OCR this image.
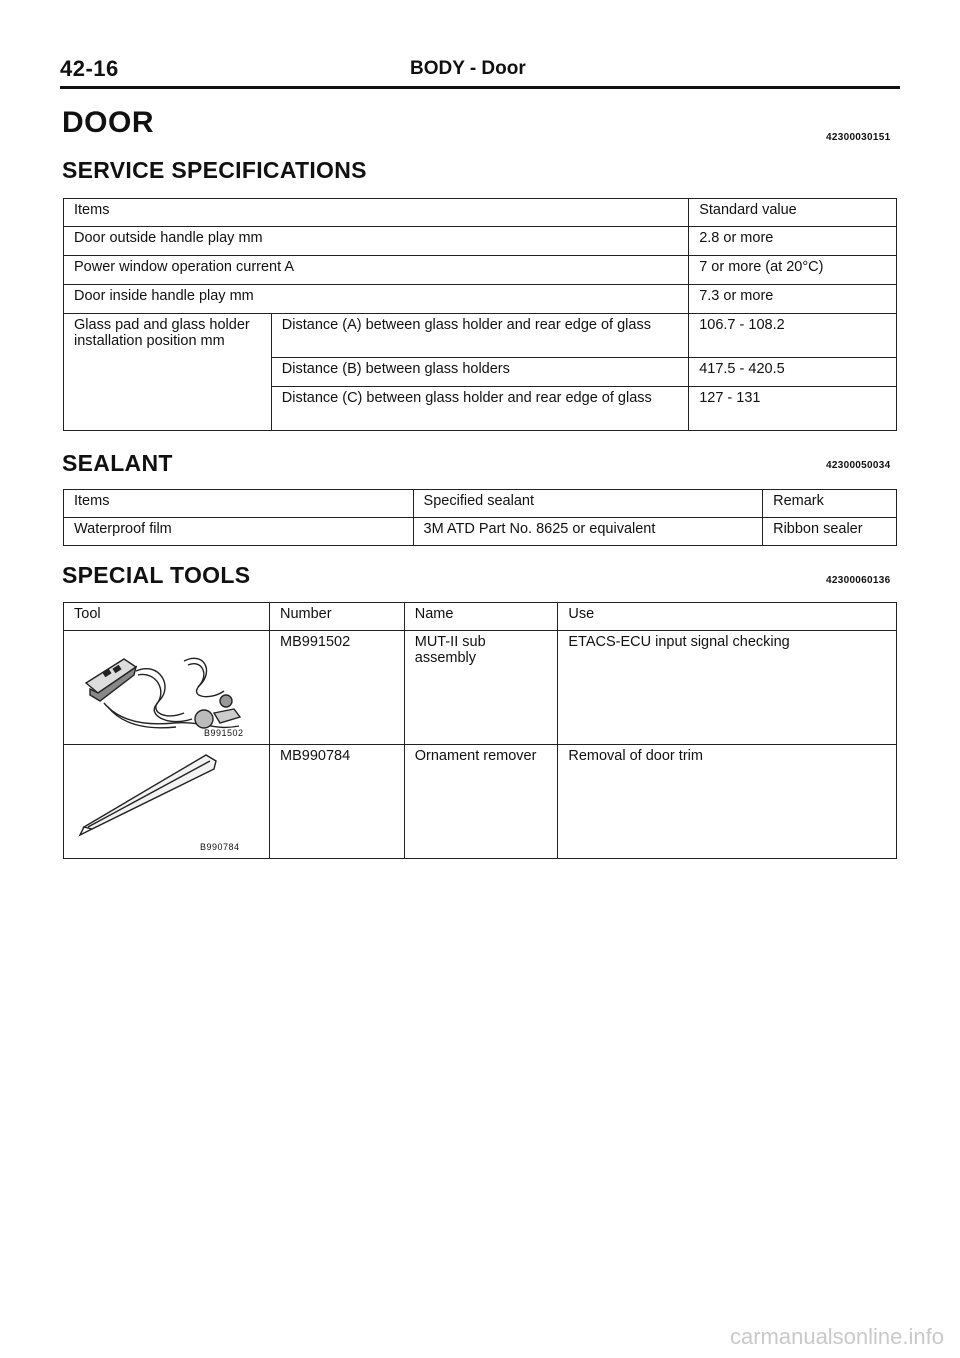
42-16	BODY - Door
DOOR	42300030151
SERVICE SPECIFICATIONS
Items		Standard value
Door outside handle play mm		2.8 or more
Power window operation current A		7 or more (at 20°C)
Door inside handle play mm		7.3 or more
Glass pad and glass holder installation position mm	Distance (A) between glass holder and rear edge of glass	106.7 - 108.2
	Distance (B) between glass holders	417.5 - 420.5
	Distance (C) between glass holder and rear edge of glass	127 - 131
SEALANT	42300050034
Items	Specified sealant	Remark
Waterproof film	3M ATD Part No. 8625 or equivalent	Ribbon sealer
SPECIAL TOOLS	42300060136
Tool	Number	Name	Use

B991502	MB991502	MUT-II sub assembly	ETACS-ECU input signal checking

B990784	MB990784	Ornament remover	Removal of door trim
carmanualsonline.info
